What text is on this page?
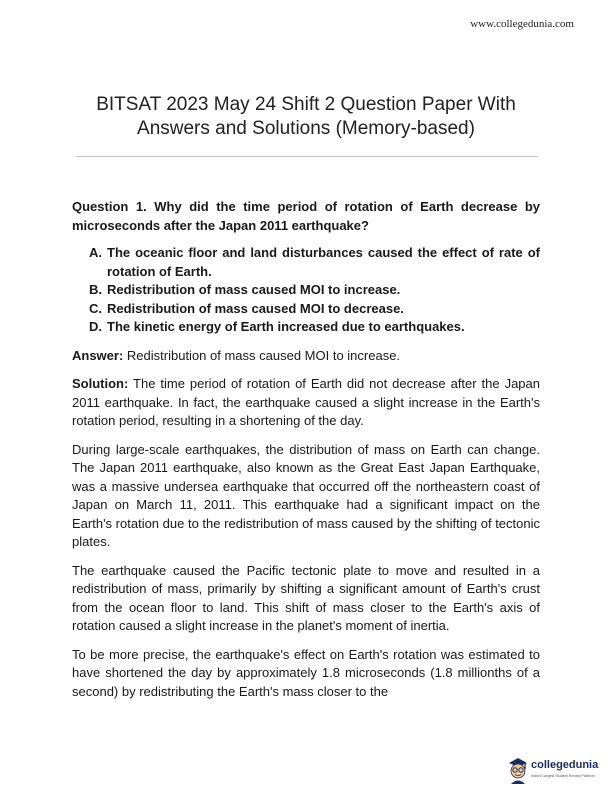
www.collegedunia.com
BITSAT 2023 May 24 Shift 2 Question Paper With
Answers and Solutions (Memory-based)

Question 1. Why did the time period of rotation of Earth decrease by microseconds after the Japan 2011 earthquake?

A. The oceanic floor and land disturbances caused the effect of rate of rotation of Earth.
B. Redistribution of mass caused MOI to increase.
C. Redistribution of mass caused MOI to decrease.
D. The kinetic energy of Earth increased due to earthquakes.

Answer: Redistribution of mass caused MOI to increase.

Solution: The time period of rotation of Earth did not decrease after the Japan 2011 earthquake. In fact, the earthquake caused a slight increase in the Earth's rotation period, resulting in a shortening of the day.

During large-scale earthquakes, the distribution of mass on Earth can change. The Japan 2011 earthquake, also known as the Great East Japan Earthquake, was a massive undersea earthquake that occurred off the northeastern coast of Japan on March 11, 2011. This earthquake had a significant impact on the Earth's rotation due to the redistribution of mass caused by the shifting of tectonic plates.

The earthquake caused the Pacific tectonic plate to move and resulted in a redistribution of mass, primarily by shifting a significant amount of Earth's crust from the ocean floor to land. This shift of mass closer to the Earth's axis of rotation caused a slight increase in the planet's moment of inertia.

To be more precise, the earthquake's effect on Earth's rotation was estimated to have shortened the day by approximately 1.8 microseconds (1.8 millionths of a second) by redistributing the Earth's mass closer to the

collegedunia
India's Largest Student Review Platform
